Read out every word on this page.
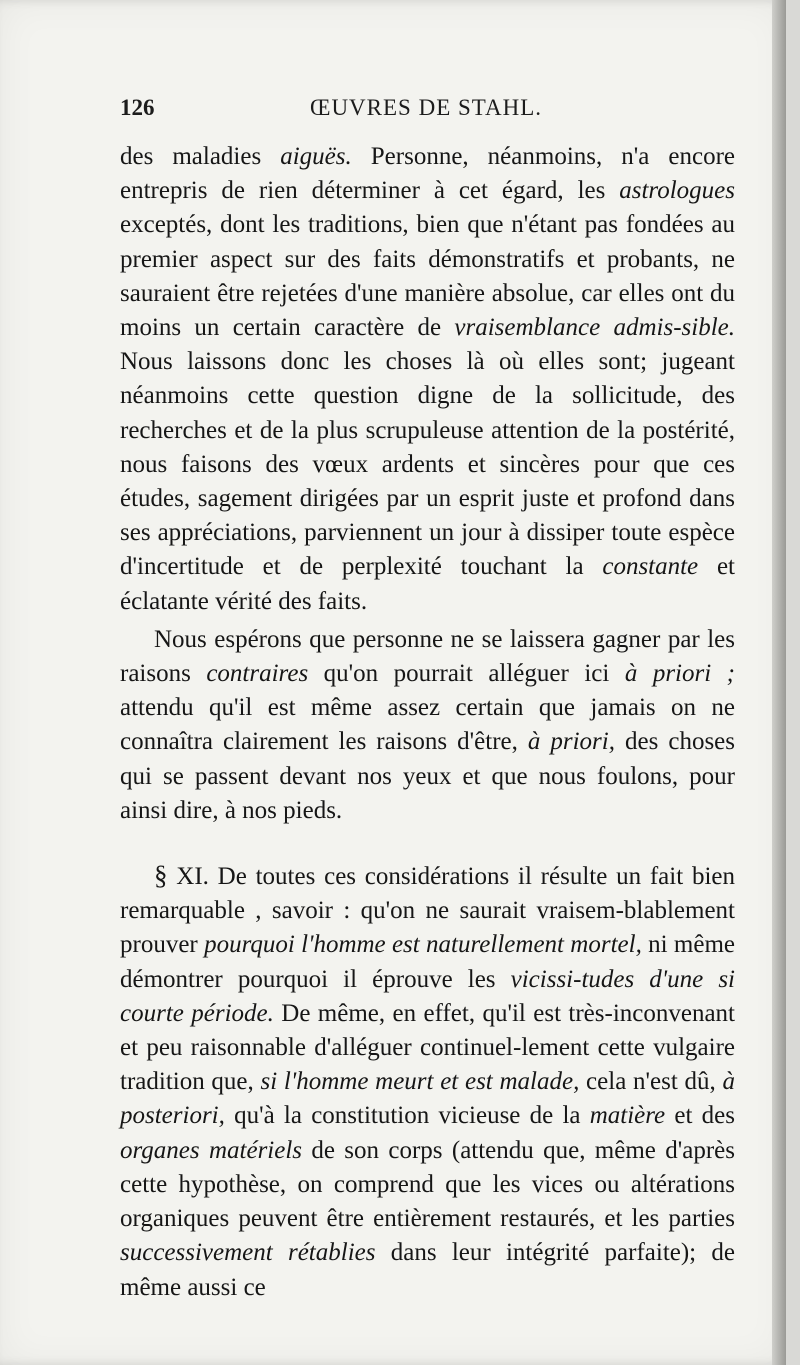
126	ŒUVRES DE STAHL.

des maladies aiguës. Personne, néanmoins, n'a encore entrepris de rien déterminer à cet égard, les astrologues exceptés, dont les traditions, bien que n'étant pas fondées au premier aspect sur des faits démonstratifs et probants, ne sauraient être rejetées d'une manière absolue, car elles ont du moins un certain caractère de vraisemblance admis-sible. Nous laissons donc les choses là où elles sont; jugeant néanmoins cette question digne de la sollicitude, des recherches et de la plus scrupuleuse attention de la postérité, nous faisons des vœux ardents et sincères pour que ces études, sagement dirigées par un esprit juste et profond dans ses appréciations, parviennent un jour à dissiper toute espèce d'incertitude et de perplexité touchant la constante et éclatante vérité des faits.

Nous espérons que personne ne se laissera gagner par les raisons contraires qu'on pourrait alléguer ici à priori ; attendu qu'il est même assez certain que jamais on ne connaîtra clairement les raisons d'être, à priori, des choses qui se passent devant nos yeux et que nous foulons, pour ainsi dire, à nos pieds.

§ XI. De toutes ces considérations il résulte un fait bien remarquable , savoir : qu'on ne saurait vraisem-blablement prouver pourquoi l'homme est naturellement mortel, ni même démontrer pourquoi il éprouve les vicissi-tudes d'une si courte période. De même, en effet, qu'il est très-inconvenant et peu raisonnable d'alléguer continuel-lement cette vulgaire tradition que, si l'homme meurt et est malade, cela n'est dû, à posteriori, qu'à la constitution vicieuse de la matière et des organes matériels de son corps (attendu que, même d'après cette hypothèse, on comprend que les vices ou altérations organiques peuvent être entièrement restaurés, et les parties successivement rétablies dans leur intégrité parfaite); de même aussi ce
